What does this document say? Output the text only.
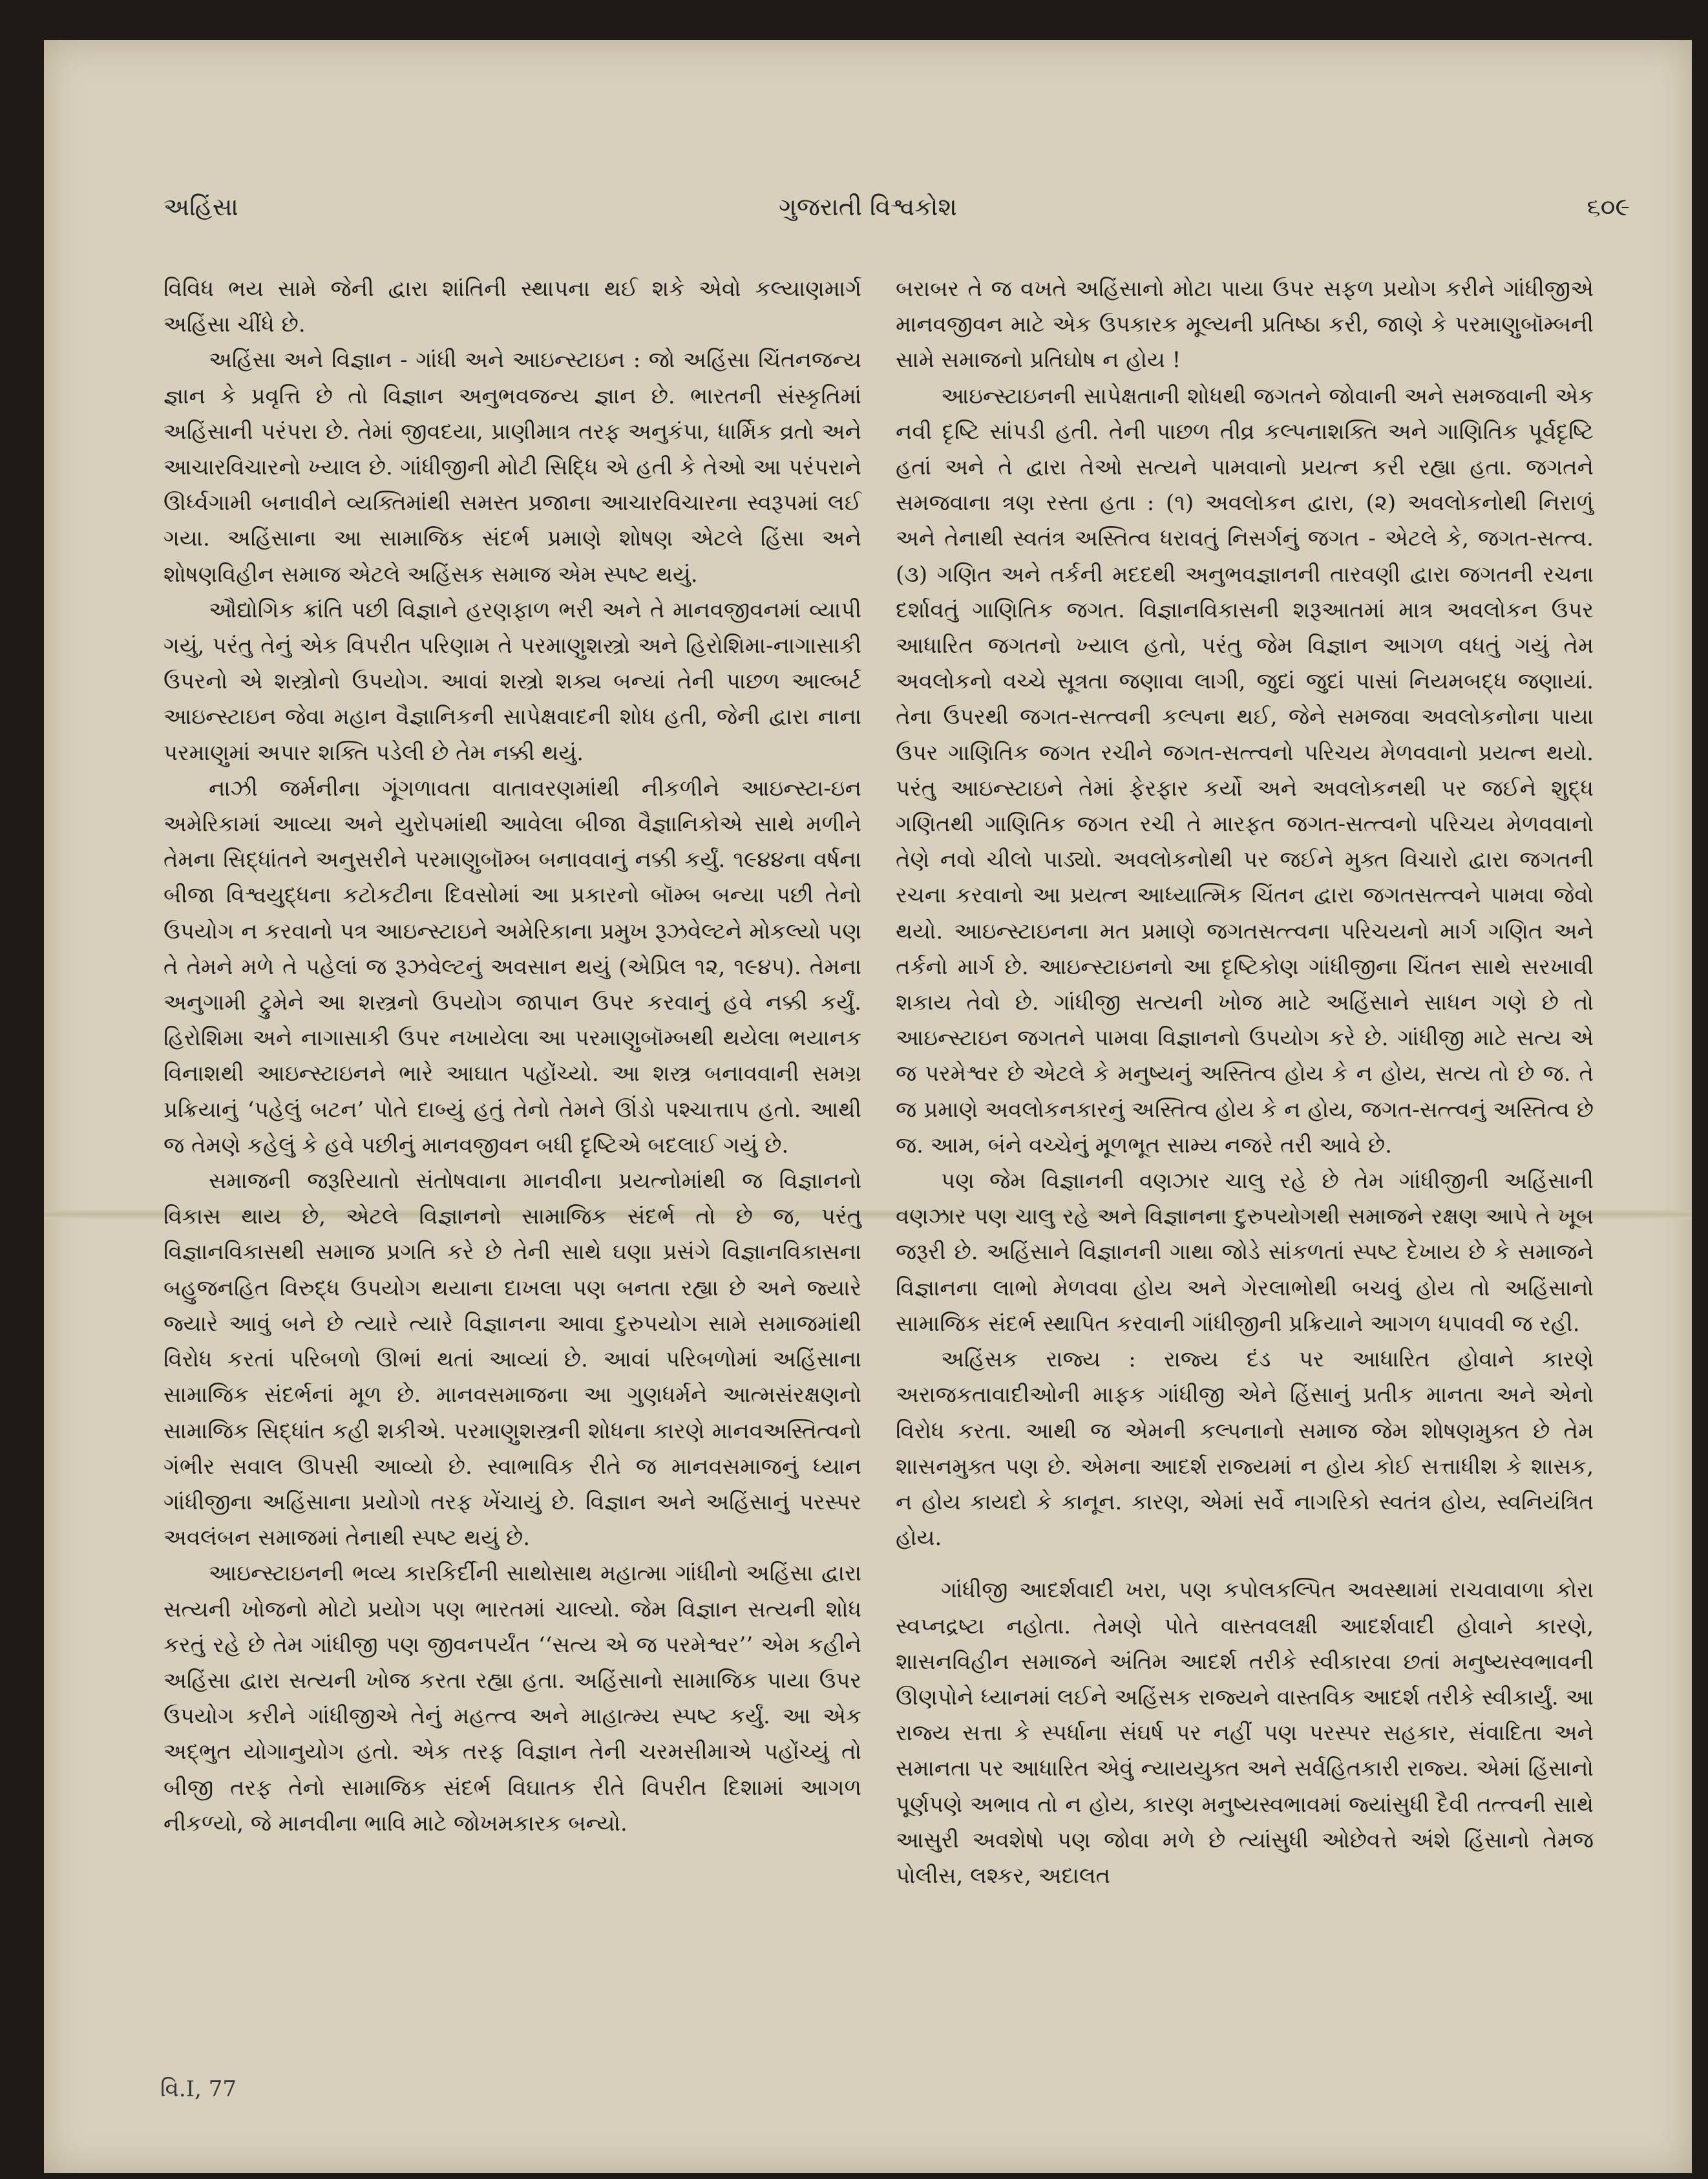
અહિંસા	ગુજરાતી વિશ્વકોશ	૬૦૯

વિવિધ ભય સામે જેની દ્વારા શાંતિની સ્થાપના થઈ શકે એવો કલ્યાણમાર્ગ અહિંસા ચીંધે છે.

અહિંસા અને વિજ્ઞાન - ગાંધી અને આઇન્સ્ટાઇન : જો અહિંસા ચિંતનજન્ય જ્ઞાન કે પ્રવૃત્તિ છે તો વિજ્ઞાન અનુભવજન્ય જ્ઞાન છે. ભારતની સંસ્કૃતિમાં અહિંસાની પરંપરા છે. તેમાં જીવદયા, પ્રાણીમાત્ર તરફ અનુકંપા, ધાર્મિક વ્રતો અને આચારવિચારનો ખ્યાલ છે. ગાંધીજીની મોટી સિદ્ધિ એ હતી કે તેઓ આ પરંપરાને ઊર્ધ્વગામી બનાવીને વ્યક્તિમાંથી સમસ્ત પ્રજાના આચારવિચારના સ્વરૂપમાં લઈ ગયા. અહિંસાના આ સામાજિક સંદર્ભ પ્રમાણે શોષણ એટલે હિંસા અને શોષણવિહીન સમાજ એટલે અહિંસક સમાજ એમ સ્પષ્ટ થયું.

ઔદ્યોગિક ક્રાંતિ પછી વિજ્ઞાને હરણફાળ ભરી અને તે માનવજીવનમાં વ્યાપી ગયું, પરંતુ તેનું એક વિપરીત પરિણામ તે પરમાણુશસ્ત્રો અને હિરોશિમા-નાગાસાકી ઉપરનો એ શસ્ત્રોનો ઉપયોગ. આવાં શસ્ત્રો શક્ય બન્યાં તેની પાછળ આલ્બર્ટ આઇન્સ્ટાઇન જેવા મહાન વૈજ્ઞાનિકની સાપેક્ષવાદની શોધ હતી, જેની દ્વારા નાના પરમાણુમાં અપાર શક્તિ પડેલી છે તેમ નક્કી થયું.

નાઝી જર્મનીના ગૂંગળાવતા વાતાવરણમાંથી નીકળીને આઇન્સ્ટા-ઇન અમેરિકામાં આવ્યા અને યુરોપમાંથી આવેલા બીજા વૈજ્ઞાનિકોએ સાથે મળીને તેમના સિદ્ધાંતને અનુસરીને પરમાણુબૉમ્બ બનાવવાનું નક્કી કર્યું. ૧૯૪૪ના વર્ષના બીજા વિશ્વયુદ્ધના કટોકટીના દિવસોમાં આ પ્રકારનો બૉમ્બ બન્યા પછી તેનો ઉપયોગ ન કરવાનો પત્ર આઇન્સ્ટાઇને અમેરિકાના પ્રમુખ રૂઝવેલ્ટને મોકલ્યો પણ તે તેમને મળે તે પહેલાં જ રૂઝવેલ્ટનું અવસાન થયું (એપ્રિલ ૧૨, ૧૯૪૫). તેમના અનુગામી ટ્રુમેને આ શસ્ત્રનો ઉપયોગ જાપાન ઉપર કરવાનું હવે નક્કી કર્યું. હિરોશિમા અને નાગાસાકી ઉપર નખાયેલા આ પરમાણુબૉમ્બથી થયેલા ભયાનક વિનાશથી આઇન્સ્ટાઇનને ભારે આઘાત પહોંચ્યો. આ શસ્ત્ર બનાવવાની સમગ્ર પ્રક્રિયાનું ‘પહેલું બટન’ પોતે દાબ્યું હતું તેનો તેમને ઊંડો પશ્ચાત્તાપ હતો. આથી જ તેમણે કહેલું કે હવે પછીનું માનવજીવન બધી દૃષ્ટિએ બદલાઈ ગયું છે.

સમાજની જરૂરિયાતો સંતોષવાના માનવીના પ્રયત્નોમાંથી જ વિજ્ઞાનનો વિકાસ થાય છે, એટલે વિજ્ઞાનનો સામાજિક સંદર્ભ તો છે જ, પરંતુ વિજ્ઞાનવિકાસથી સમાજ પ્રગતિ કરે છે તેની સાથે ઘણા પ્રસંગે વિજ્ઞાનવિકાસના બહુજનહિત વિરુદ્ધ ઉપયોગ થયાના દાખલા પણ બનતા રહ્યા છે અને જ્યારે જ્યારે આવું બને છે ત્યારે ત્યારે વિજ્ઞાનના આવા દુરુપયોગ સામે સમાજમાંથી વિરોધ કરતાં પરિબળો ઊભાં થતાં આવ્યાં છે. આવાં પરિબળોમાં અહિંસાના સામાજિક સંદર્ભનાં મૂળ છે. માનવસમાજના આ ગુણધર્મને આત્મસંરક્ષણનો સામાજિક સિદ્ધાંત કહી શકીએ. પરમાણુશસ્ત્રની શોધના કારણે માનવઅસ્તિત્વનો ગંભીર સવાલ ઊપસી આવ્યો છે. સ્વાભાવિક રીતે જ માનવસમાજનું ધ્યાન ગાંધીજીના અહિંસાના પ્રયોગો તરફ ખેંચાયું છે. વિજ્ઞાન અને અહિંસાનું પરસ્પર અવલંબન સમાજમાં તેનાથી સ્પષ્ટ થયું છે.

આઇન્સ્ટાઇનની ભવ્ય કારકિર્દીની સાથોસાથ મહાત્મા ગાંધીનો અહિંસા દ્વારા સત્યની ખોજનો મોટો પ્રયોગ પણ ભારતમાં ચાલ્યો. જેમ વિજ્ઞાન સત્યની શોધ કરતું રહે છે તેમ ગાંધીજી પણ જીવનપર્યંત ‘‘સત્ય એ જ પરમેશ્વર’’ એમ કહીને અહિંસા દ્વારા સત્યની ખોજ કરતા રહ્યા હતા. અહિંસાનો સામાજિક પાયા ઉપર ઉપયોગ કરીને ગાંધીજીએ તેનું મહત્ત્વ અને માહાત્મ્ય સ્પષ્ટ કર્યું. આ એક અદ્ભુત યોગાનુયોગ હતો. એક તરફ વિજ્ઞાન તેની ચરમસીમાએ પહોંચ્યું તો બીજી તરફ તેનો સામાજિક સંદર્ભ વિઘાતક રીતે વિપરીત દિશામાં આગળ નીકળ્યો, જે માનવીના ભાવિ માટે જોખમકારક બન્યો.

બરાબર તે જ વખતે અહિંસાનો મોટા પાયા ઉપર સફળ પ્રયોગ કરીને ગાંધીજીએ માનવજીવન માટે એક ઉપકારક મૂલ્યની પ્રતિષ્ઠા કરી, જાણે કે પરમાણુબૉમ્બની સામે સમાજનો પ્રતિઘોષ ન હોય !

આઇન્સ્ટાઇનની સાપેક્ષતાની શોધથી જગતને જોવાની અને સમજવાની એક નવી દૃષ્ટિ સાંપડી હતી. તેની પાછળ તીવ્ર કલ્પનાશક્તિ અને ગાણિતિક પૂર્વદૃષ્ટિ હતાં અને તે દ્વારા તેઓ સત્યને પામવાનો પ્રયત્ન કરી રહ્યા હતા. જગતને સમજવાના ત્રણ રસ્તા હતા : (૧) અવલોકન દ્વારા, (૨) અવલોકનોથી નિરાળું અને તેનાથી સ્વતંત્ર અસ્તિત્વ ધરાવતું નિસર્ગનું જગત - એટલે કે, જગત-સત્ત્વ. (૩) ગણિત અને તર્કની મદદથી અનુભવજ્ઞાનની તારવણી દ્વારા જગતની રચના દર્શાવતું ગાણિતિક જગત. વિજ્ઞાનવિકાસની શરૂઆતમાં માત્ર અવલોકન ઉપર આધારિત જગતનો ખ્યાલ હતો, પરંતુ જેમ વિજ્ઞાન આગળ વધતું ગયું તેમ અવલોકનો વચ્ચે સૂત્રતા જણાવા લાગી, જુદાં જુદાં પાસાં નિયમબદ્ધ જણાયાં. તેના ઉપરથી જગત-સત્ત્વની કલ્પના થઈ, જેને સમજવા અવલોકનોના પાયા ઉપર ગાણિતિક જગત રચીને જગત-સત્ત્વનો પરિચય મેળવવાનો પ્રયત્ન થયો. પરંતુ આઇન્સ્ટાઇને તેમાં ફેરફાર કર્યો અને અવલોકનથી પર જઈને શુદ્ધ ગણિતથી ગાણિતિક જગત રચી તે મારફત જગત-સત્ત્વનો પરિચય મેળવવાનો તેણે નવો ચીલો પાડ્યો. અવલોકનોથી પર જઈને મુક્ત વિચારો દ્વારા જગતની રચના કરવાનો આ પ્રયત્ન આધ્યાત્મિક ચિંતન દ્વારા જગતસત્ત્વને પામવા જેવો થયો. આઇન્સ્ટાઇનના મત પ્રમાણે જગતસત્ત્વના પરિચયનો માર્ગ ગણિત અને તર્કનો માર્ગ છે. આઇન્સ્ટાઇનનો આ દૃષ્ટિકોણ ગાંધીજીના ચિંતન સાથે સરખાવી શકાય તેવો છે. ગાંધીજી સત્યની ખોજ માટે અહિંસાને સાધન ગણે છે તો આઇન્સ્ટાઇન જગતને પામવા વિજ્ઞાનનો ઉપયોગ કરે છે. ગાંધીજી માટે સત્ય એ જ પરમેશ્વર છે એટલે કે મનુષ્યનું અસ્તિત્વ હોય કે ન હોય, સત્ય તો છે જ. તે જ પ્રમાણે અવલોકનકારનું અસ્તિત્વ હોય કે ન હોય, જગત-સત્ત્વનું અસ્તિત્વ છે જ. આમ, બંને વચ્ચેનું મૂળભૂત સામ્ય નજરે તરી આવે છે.

પણ જેમ વિજ્ઞાનની વણઝાર ચાલુ રહે છે તેમ ગાંધીજીની અહિંસાની વણઝાર પણ ચાલુ રહે અને વિજ્ઞાનના દુરુપયોગથી સમાજને રક્ષણ આપે તે ખૂબ જરૂરી છે. અહિંસાને વિજ્ઞાનની ગાથા જોડે સાંકળતાં સ્પષ્ટ દેખાય છે કે સમાજને વિજ્ઞાનના લાભો મેળવવા હોય અને ગેરલાભોથી બચવું હોય તો અહિંસાનો સામાજિક સંદર્ભ સ્થાપિત કરવાની ગાંધીજીની પ્રક્રિયાને આગળ ધપાવવી જ રહી.

અહિંસક રાજ્ય : રાજ્ય દંડ પર આધારિત હોવાને કારણે અરાજકતાવાદીઓની માફક ગાંધીજી એને હિંસાનું પ્રતીક માનતા અને એનો વિરોધ કરતા. આથી જ એમની કલ્પનાનો સમાજ જેમ શોષણમુક્ત છે તેમ શાસનમુક્ત પણ છે. એમના આદર્શ રાજ્યમાં ન હોય કોઈ સત્તાધીશ કે શાસક, ન હોય કાયદો કે કાનૂન. કારણ, એમાં સર્વે નાગરિકો સ્વતંત્ર હોય, સ્વનિયંત્રિત હોય.

ગાંધીજી આદર્શવાદી ખરા, પણ કપોલકલ્પિત અવસ્થામાં રાચવાવાળા કોરા સ્વપ્નદ્રષ્ટા નહોતા. તેમણે પોતે વાસ્તવલક્ષી આદર્શવાદી હોવાને કારણે, શાસનવિહીન સમાજને અંતિમ આદર્શ તરીકે સ્વીકારવા છતાં મનુષ્યસ્વભાવની ઊણપોને ધ્યાનમાં લઈને અહિંસક રાજ્યને વાસ્તવિક આદર્શ તરીકે સ્વીકાર્યું. આ રાજ્ય સત્તા કે સ્પર્ધાના સંઘર્ષ પર નહીં પણ પરસ્પર સહકાર, સંવાદિતા અને સમાનતા પર આધારિત એવું ન્યાયયુક્ત અને સર્વહિતકારી રાજ્ય. એમાં હિંસાનો પૂર્ણપણે અભાવ તો ન હોય, કારણ મનુષ્યસ્વભાવમાં જ્યાંસુધી દૈવી તત્ત્વની સાથે આસુરી અવશેષો પણ જોવા મળે છે ત્યાંસુધી ઓછેવત્તે અંશે હિંસાનો તેમજ પોલીસ, લશ્કર, અદાલત

વિ.I, 77
